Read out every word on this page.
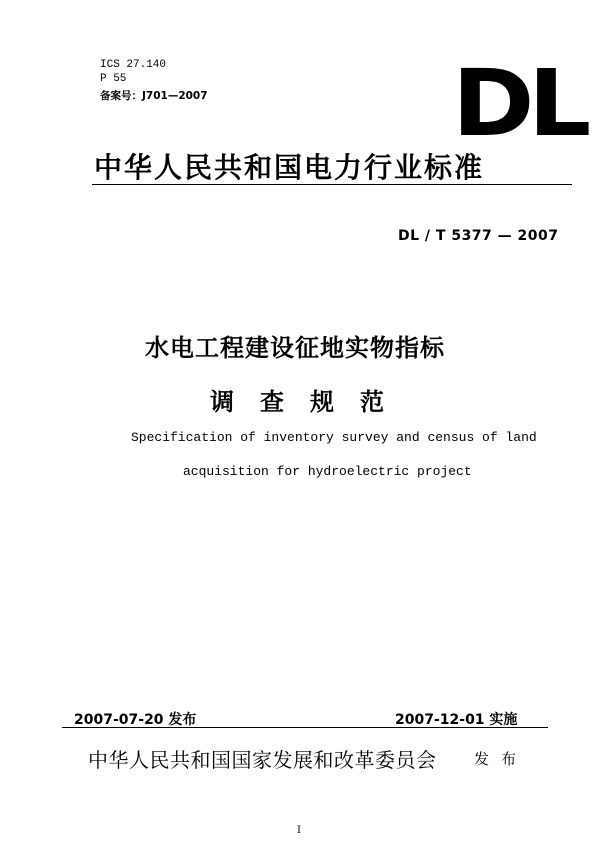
ICS 27.140
P 55
备案号：J701—2007	DL
中华人民共和国电力行业标准
DL / T 5377 — 2007
水电工程建设征地实物指标
调查规范
Specification of inventory survey and census of land
acquisition for hydroelectric project
2007-07-20 发布	2007-12-01 实施
中华人民共和国国家发展和改革委员会	发布
I
